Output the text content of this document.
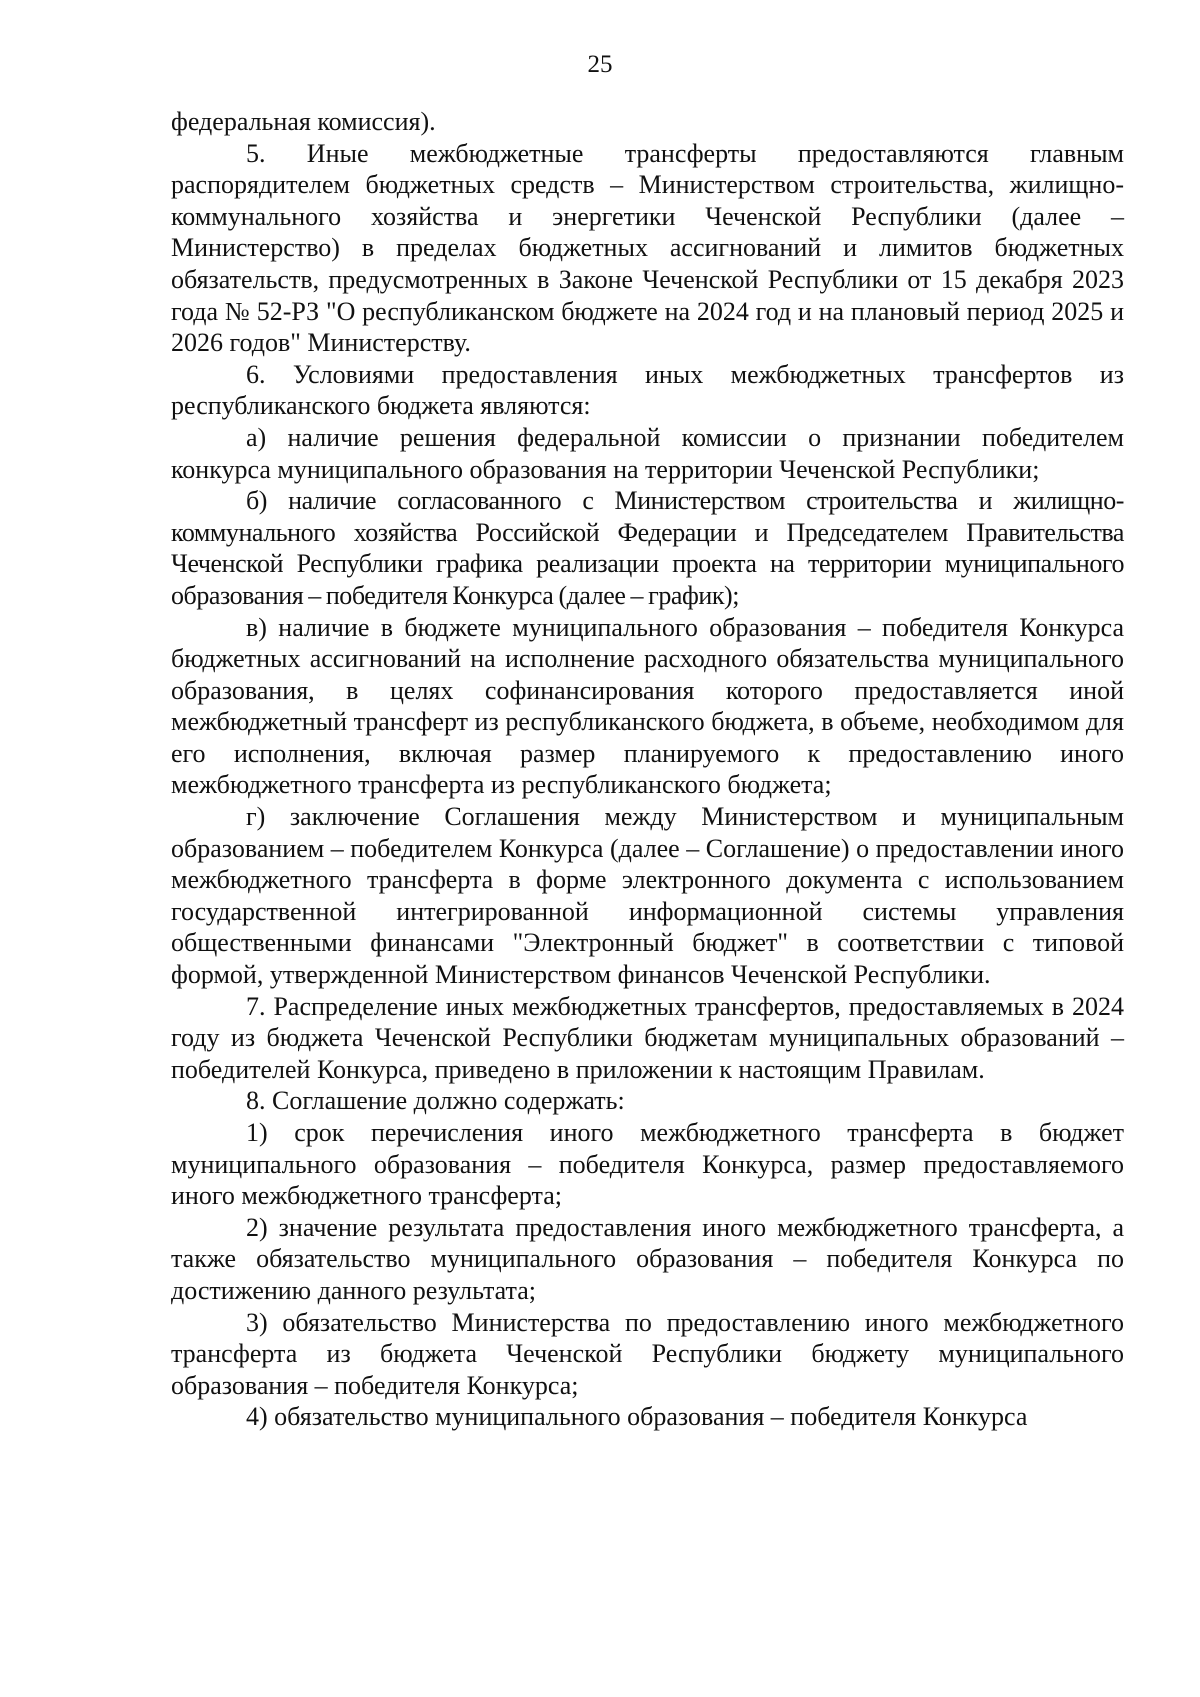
25

федеральная комиссия).

5. Иные межбюджетные трансферты предоставляются главным распорядителем бюджетных средств – Министерством строительства, жилищно-коммунального хозяйства и энергетики Чеченской Республики (далее – Министерство) в пределах бюджетных ассигнований и лимитов бюджетных обязательств, предусмотренных в Законе Чеченской Республики от 15 декабря 2023 года № 52-РЗ "О республиканском бюджете на 2024 год и на плановый период 2025 и 2026 годов" Министерству.

6. Условиями предоставления иных межбюджетных трансфертов из республиканского бюджета являются:

а) наличие решения федеральной комиссии о признании победителем конкурса муниципального образования на территории Чеченской Республики;

б) наличие согласованного с Министерством строительства и жилищно-коммунального хозяйства Российской Федерации и Председателем Правительства Чеченской Республики графика реализации проекта на территории муниципального образования – победителя Конкурса (далее – график);

в) наличие в бюджете муниципального образования – победителя Конкурса бюджетных ассигнований на исполнение расходного обязательства муниципального образования, в целях софинансирования которого предоставляется иной межбюджетный трансферт из республиканского бюджета, в объеме, необходимом для его исполнения, включая размер планируемого к предоставлению иного межбюджетного трансферта из республиканского бюджета;

г) заключение Соглашения между Министерством и муниципальным образованием – победителем Конкурса (далее – Соглашение) о предоставлении иного межбюджетного трансферта в форме электронного документа с использованием государственной интегрированной информационной системы управления общественными финансами "Электронный бюджет" в соответствии с типовой формой, утвержденной Министерством финансов Чеченской Республики.

7. Распределение иных межбюджетных трансфертов, предоставляемых в 2024 году из бюджета Чеченской Республики бюджетам муниципальных образований – победителей Конкурса, приведено в приложении к настоящим Правилам.

8. Соглашение должно содержать:

1) срок перечисления иного межбюджетного трансферта в бюджет муниципального образования – победителя Конкурса, размер предоставляемого иного межбюджетного трансферта;

2) значение результата предоставления иного межбюджетного трансферта, а также обязательство муниципального образования – победителя Конкурса по достижению данного результата;

3) обязательство Министерства по предоставлению иного межбюджетного трансферта из бюджета Чеченской Республики бюджету муниципального образования – победителя Конкурса;

4) обязательство муниципального образования – победителя Конкурса
